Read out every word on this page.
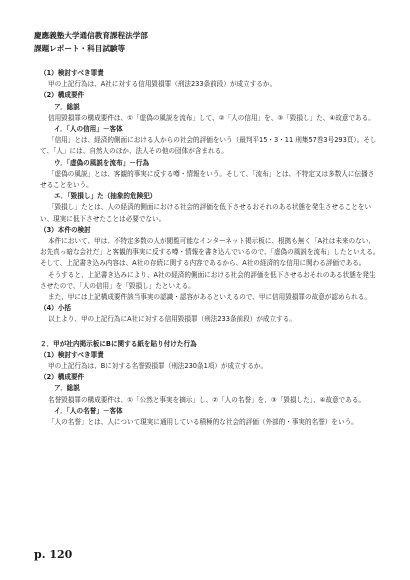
慶應義塾大学通信教育課程法学部
課題レポート・科目試験等
（1）検討すべき罪責
甲の上記行為は、A社に対する信用毀損罪（刑法233条前段）が成立するか。
（2）構成要件
ア．総説
信用毀損罪の構成要件は、①「虚偽の風説を流布」して、②「人の信用」を、③「毀損し」た、④故意である。
イ．「人の信用」－客体
「信用」とは、経済的側面における人からの社会的評価をいう（最判平15・3・11 刑集57巻3号293頁）。そして、「人」には、自然人のほか、法人その他の団体が含まれる。
ウ．「虚偽の風説を流布」－行為
「虚偽の風説」とは、客観的事実に反する噂・情報をいう。そして、「流布」とは、不特定又は多数人に伝播させることをいう。
エ．「毀損し」た（抽象的危険犯）
「毀損し」たとは、人の経済的側面における社会的評価を低下させるおそれのある状態を発生させることをいい、現実に低下させたことは必要でない。
（3）本件の検討
本件において、甲は、不特定多数の人が閲覧可能なインターネット掲示板に、根拠も無く「A社は未来のない、お先真っ暗な会社だ」と客観的事実に反する噂・情報を書き込んでいるので、「虚偽の風説を流布」したといえる。そして、上記書き込み内容は、A社の存続に関する内容であるから、A社の経済的な信用に関わる評価である。
そうすると、上記書き込みにより、A社の経済的側面における社会的評価を低下させるおそれのある状態を発生させたので、「人の信用」を「毀損し」たといえる。
また、甲には上記構成要件該当事実の認識・認容があるといえるので、甲に信用毀損罪の故意が認められる。
（4）小括
以上より、甲の上記行為にA社に対する信用毀損罪（刑法233条前段）が成立する。
２．甲が社内掲示板にBに関する紙を貼り付けた行為
（1）検討すべき罪責
甲の上記行為は、Bに対する名誉毀損罪（刑法230条1項）が成立するか。
（2）構成要件
ア．総説
名誉毀損罪の構成要件は、①「公然と事実を摘示」し、②「人の名誉」を、③「毀損した」、④故意である。
イ．「人の名誉」－客体
「人の名誉」とは、人について現実に通用している積極的な社会的評価（外部的・事実的名誉）をいう。
p. 120
